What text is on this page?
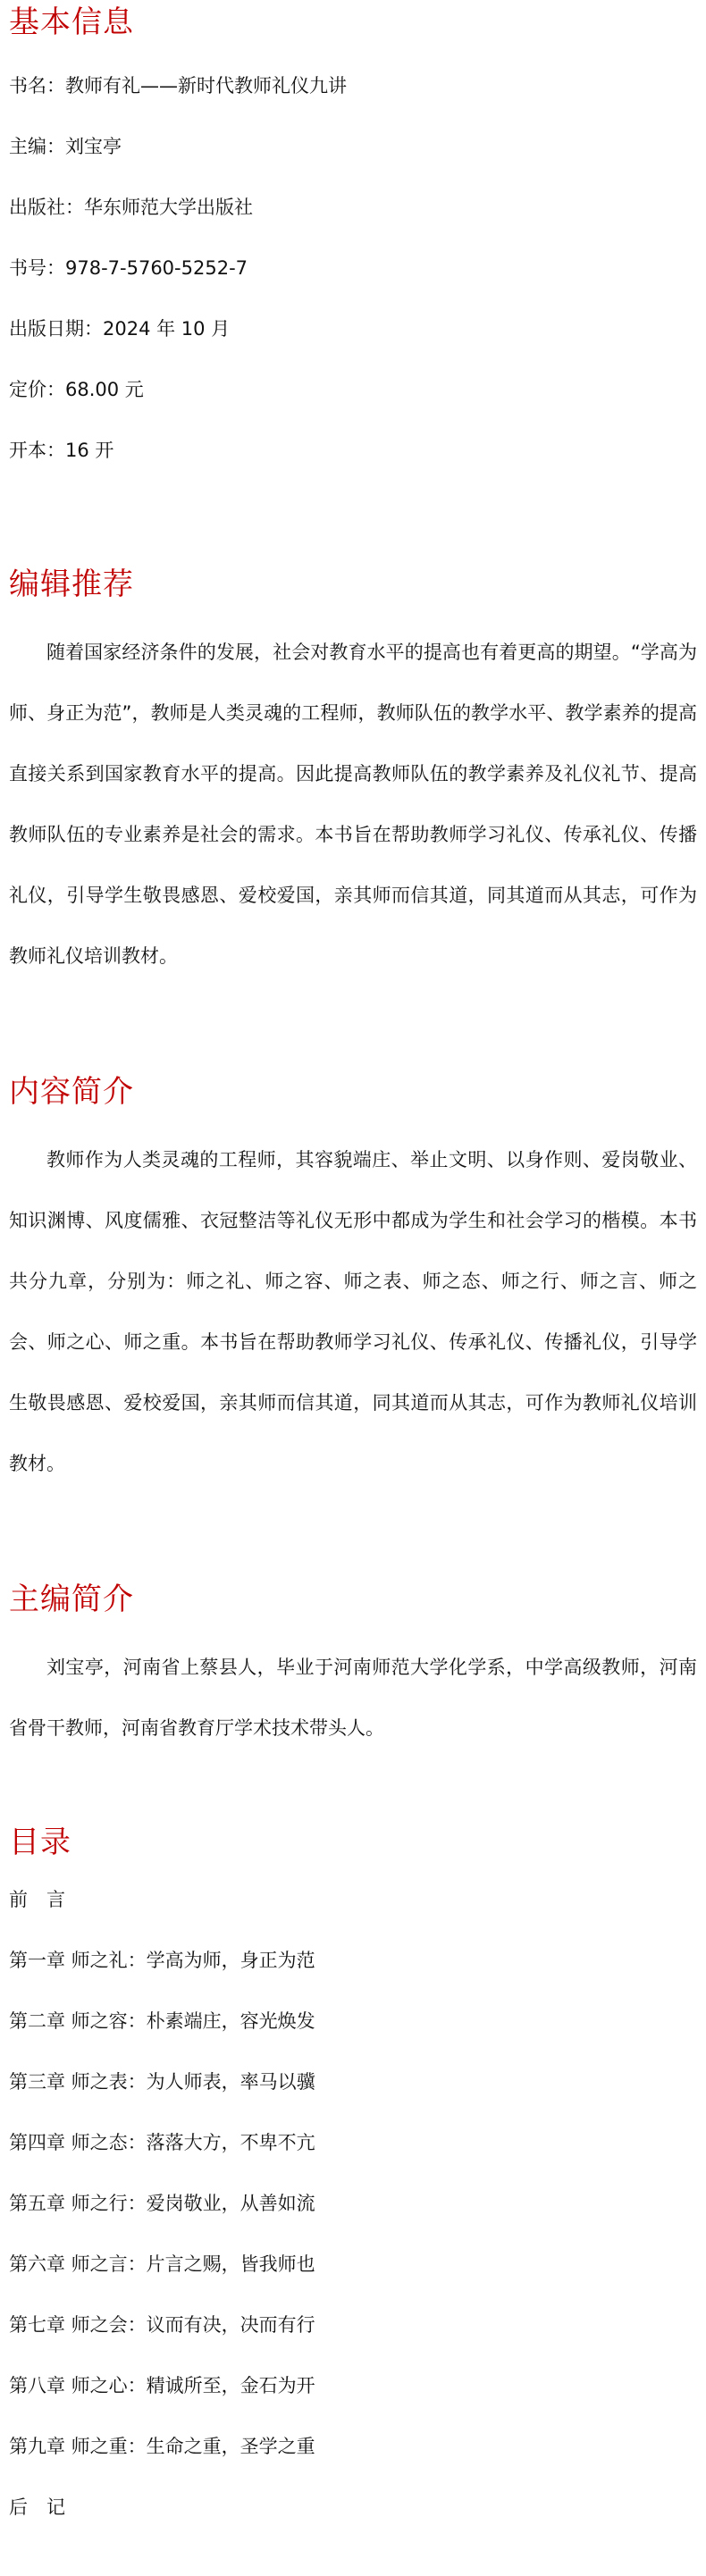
基本信息

书名：教师有礼——新时代教师礼仪九讲

主编：刘宝亭

出版社：华东师范大学出版社

书号：978-7-5760-5252-7

出版日期：2024 年 10 月

定价：68.00 元

开本：16 开

编辑推荐

随着国家经济条件的发展，社会对教育水平的提高也有着更高的期望。“学高为师、身正为范”，教师是人类灵魂的工程师，教师队伍的教学水平、教学素养的提高直接关系到国家教育水平的提高。因此提高教师队伍的教学素养及礼仪礼节、提高教师队伍的专业素养是社会的需求。本书旨在帮助教师学习礼仪、传承礼仪、传播礼仪，引导学生敬畏感恩、爱校爱国，亲其师而信其道，同其道而从其志，可作为教师礼仪培训教材。

内容简介

教师作为人类灵魂的工程师，其容貌端庄、举止文明、以身作则、爱岗敬业、知识渊博、风度儒雅、衣冠整洁等礼仪无形中都成为学生和社会学习的楷模。本书共分九章，分别为：师之礼、师之容、师之表、师之态、师之行、师之言、师之会、师之心、师之重。本书旨在帮助教师学习礼仪、传承礼仪、传播礼仪，引导学生敬畏感恩、爱校爱国，亲其师而信其道，同其道而从其志，可作为教师礼仪培训教材。

主编简介

刘宝亭，河南省上蔡县人，毕业于河南师范大学化学系，中学高级教师，河南省骨干教师，河南省教育厅学术技术带头人。

目录
前　言
第一章 师之礼：学高为师，身正为范
第二章 师之容：朴素端庄，容光焕发
第三章 师之表：为人师表，率马以骥
第四章 师之态：落落大方，不卑不亢
第五章 师之行：爱岗敬业，从善如流
第六章 师之言：片言之赐，皆我师也
第七章 师之会：议而有决，决而有行
第八章 师之心：精诚所至，金石为开
第九章 师之重：生命之重，圣学之重
后　记
